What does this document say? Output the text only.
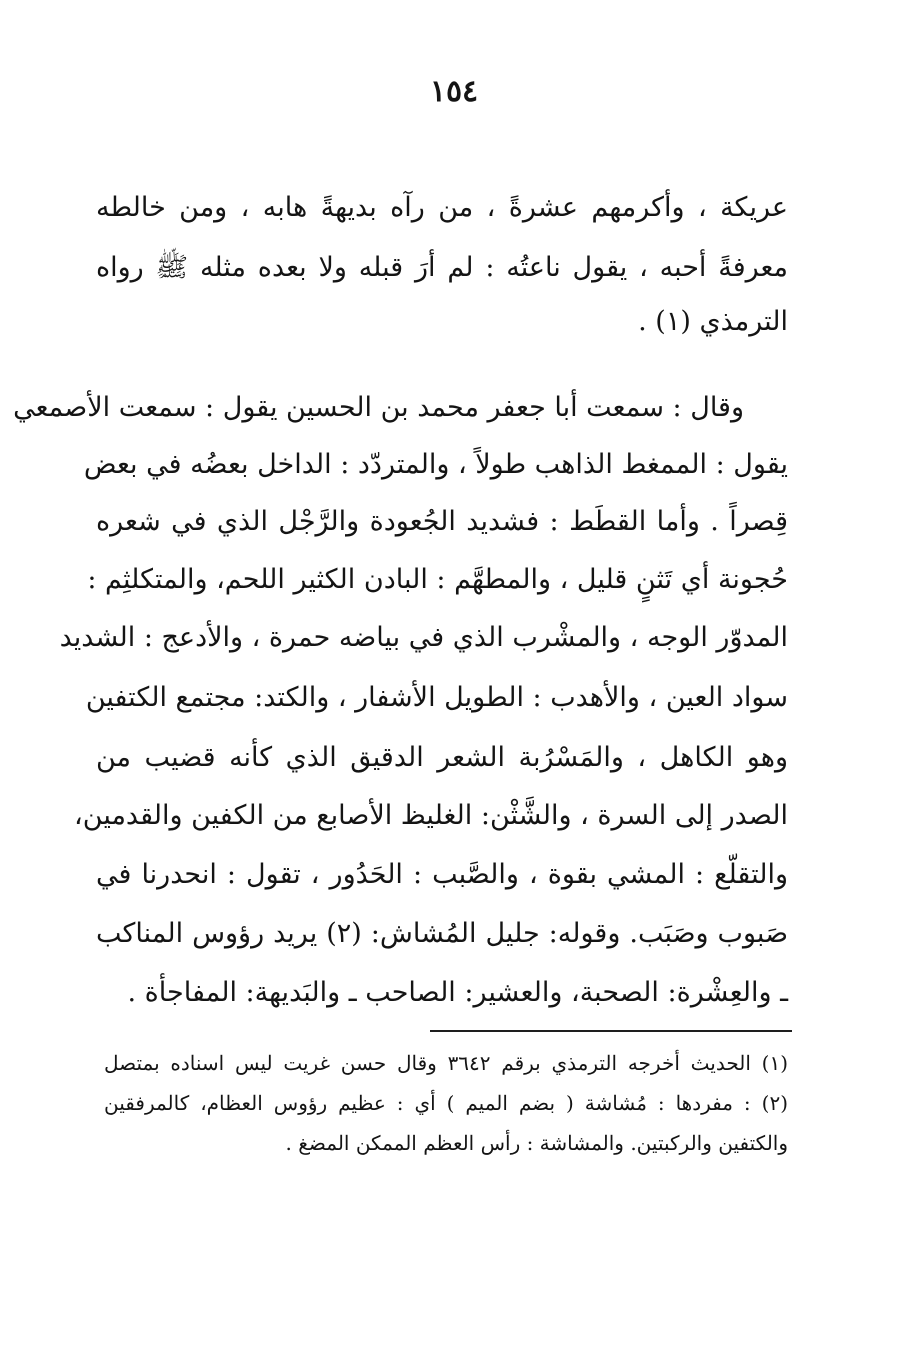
١٥٤

عريكة ، وأكرمهم عشرةً ، من رآه بديهةً هابه ، ومن خالطه

معرفةً أحبه ، يقول ناعتُه : لم أرَ قبله ولا بعده مثله ﷺ رواه

الترمذي (١) .

وقال : سمعت أبا جعفر محمد بن الحسين يقول : سمعت الأصمعي

يقول : الممغط الذاهب طولاً ، والمتردّد : الداخل بعضُه في بعض

قِصراً . وأما القطَط : فشديد الجُعودة والرَّجْل الذي في شعره

حُجونة أي تَثنٍ قليل ، والمطهَّم : البادن الكثير اللحم، والمتكلثِم :

المدوّر الوجه ، والمشْرب الذي في بياضه حمرة ، والأدعج : الشديد

سواد العين ، والأهدب : الطويل الأشفار ، والكتد: مجتمع الكتفين

وهو الكاهل ، والمَسْرُبة الشعر الدقيق الذي كأنه قضيب من

الصدر إلى السرة ، والشَّثْن: الغليظ الأصابع من الكفين والقدمين،

والتقلّع : المشي بقوة ، والصَّبب : الحَدُور ، تقول : انحدرنا في

صَبوب وصَبَب. وقوله: جليل المُشاش: (٢) يريد رؤوس المناكب

ـ والعِشْرة: الصحبة، والعشير: الصاحب ـ والبَديهة: المفاجأة .

(١) الحديث أخرجه الترمذي برقم ٣٦٤٢ وقال حسن غريت ليس اسناده بمتصل

(٢) : مفردها : مُشاشة ( بضم الميم ) أي : عظيم رؤوس العظام، كالمرفقين

والكتفين والركبتين. والمشاشة : رأس العظم الممكن المضغ .
